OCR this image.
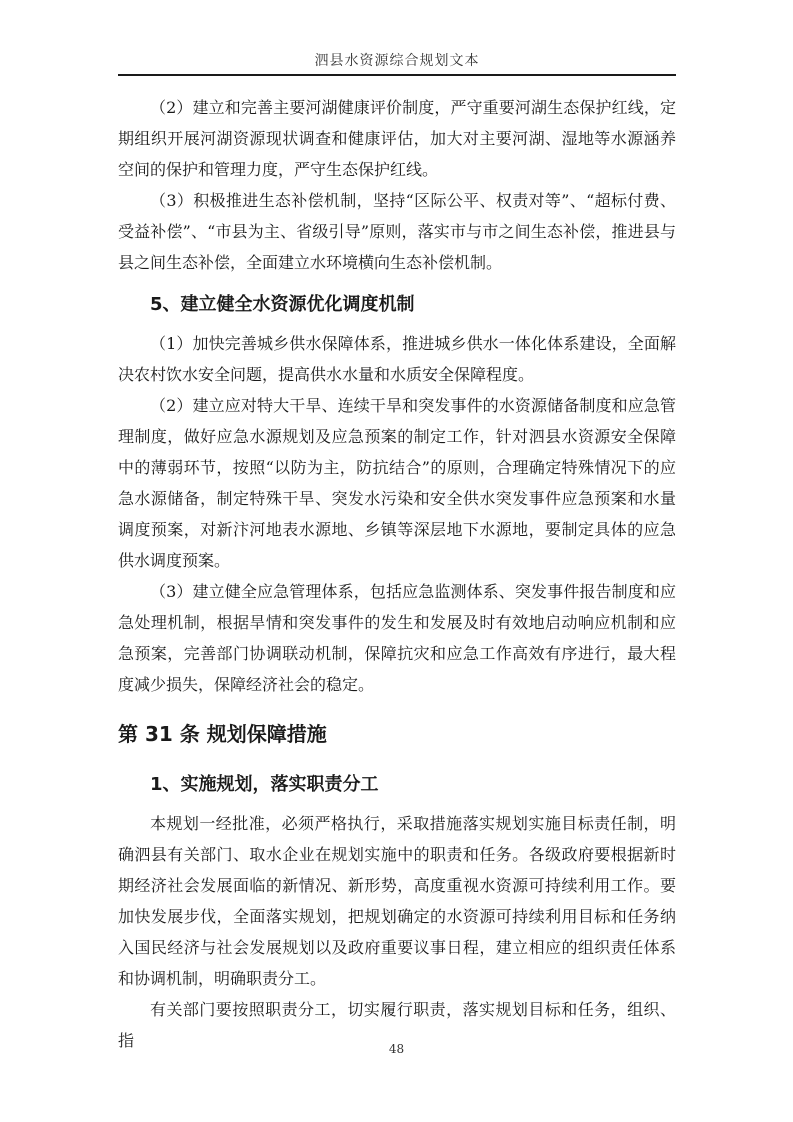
泗县水资源综合规划文本

（2）建立和完善主要河湖健康评价制度，严守重要河湖生态保护红线，定期组织开展河湖资源现状调查和健康评估，加大对主要河湖、湿地等水源涵养空间的保护和管理力度，严守生态保护红线。

（3）积极推进生态补偿机制，坚持“区际公平、权责对等”、“超标付费、受益补偿”、“市县为主、省级引导”原则，落实市与市之间生态补偿，推进县与县之间生态补偿，全面建立水环境横向生态补偿机制。

5、建立健全水资源优化调度机制

（1）加快完善城乡供水保障体系，推进城乡供水一体化体系建设，全面解决农村饮水安全问题，提高供水水量和水质安全保障程度。

（2）建立应对特大干旱、连续干旱和突发事件的水资源储备制度和应急管理制度，做好应急水源规划及应急预案的制定工作，针对泗县水资源安全保障中的薄弱环节，按照“以防为主，防抗结合”的原则，合理确定特殊情况下的应急水源储备，制定特殊干旱、突发水污染和安全供水突发事件应急预案和水量调度预案，对新汴河地表水源地、乡镇等深层地下水源地，要制定具体的应急供水调度预案。

（3）建立健全应急管理体系，包括应急监测体系、突发事件报告制度和应急处理机制，根据旱情和突发事件的发生和发展及时有效地启动响应机制和应急预案，完善部门协调联动机制，保障抗灾和应急工作高效有序进行，最大程度减少损失，保障经济社会的稳定。

第 31 条 规划保障措施
1、实施规划，落实职责分工

本规划一经批准，必须严格执行，采取措施落实规划实施目标责任制，明确泗县有关部门、取水企业在规划实施中的职责和任务。各级政府要根据新时期经济社会发展面临的新情况、新形势，高度重视水资源可持续利用工作。要加快发展步伐，全面落实规划，把规划确定的水资源可持续利用目标和任务纳入国民经济与社会发展规划以及政府重要议事日程，建立相应的组织责任体系和协调机制，明确职责分工。

有关部门要按照职责分工，切实履行职责，落实规划目标和任务，组织、指	48
